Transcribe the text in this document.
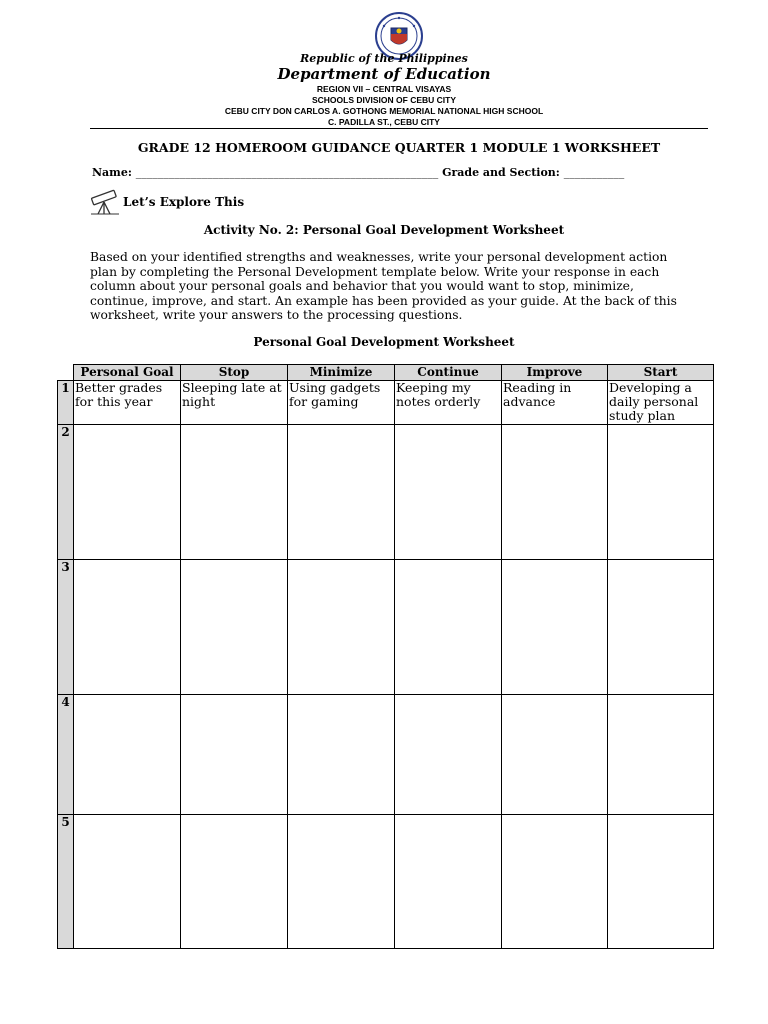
Republic of the Philippines
Department of Education
REGION VII – CENTRAL VISAYAS
SCHOOLS DIVISION OF CEBU CITY
CEBU CITY DON CARLOS A. GOTHONG MEMORIAL NATIONAL HIGH SCHOOL
C. PADILLA ST., CEBU CITY
GRADE 12 HOMEROOM GUIDANCE QUARTER 1 MODULE 1 WORKSHEET
Name: _______________________________________________________ Grade and Section: ___________
Let’s Explore This
Activity No. 2: Personal Goal Development Worksheet
Based on your identified strengths and weaknesses, write your personal development action plan by completing the Personal Development template below. Write your response in each column about your personal goals and behavior that you would want to stop, minimize, continue, improve, and start. An example has been provided as your guide. At the back of this worksheet, write your answers to the processing questions.
Personal Goal Development Worksheet
	Personal Goal	Stop	Minimize	Continue	Improve	Start
1	Better grades for this year	Sleeping late at night	Using gadgets for gaming	Keeping my notes orderly	Reading in advance	Developing a daily personal study plan
2						
3						
4						
5						
